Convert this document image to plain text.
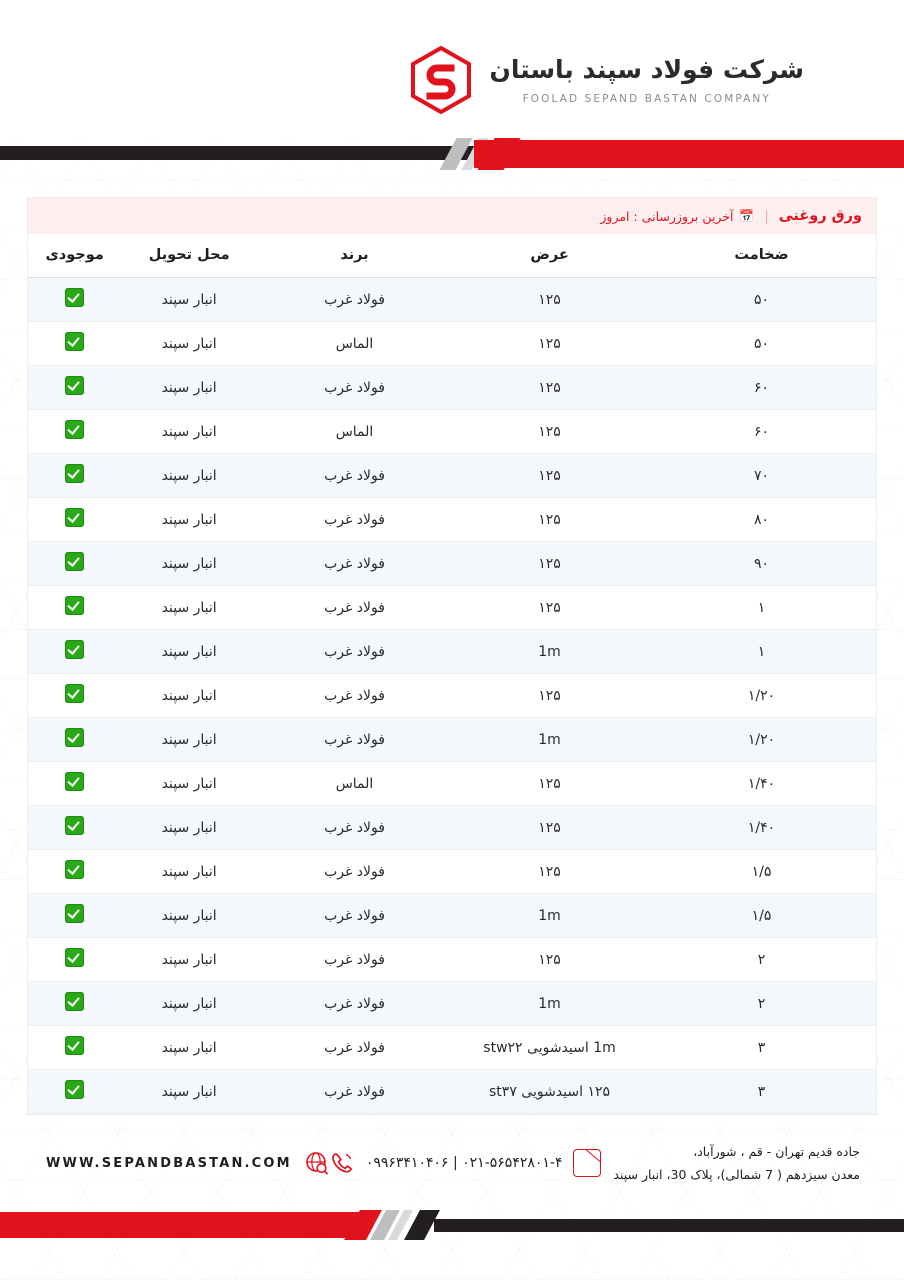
شرکت فولاد سپند باستان
FOOLAD SEPAND BASTAN COMPANY
ورق روغنی
|
📅
آخرین بروزرسانی : امروز
ضخامت	عرض	برند	محل تحویل	موجودی
۵۰	۱۲۵	فولاد غرب	انبار سپند	
۵۰	۱۲۵	الماس	انبار سپند	
۶۰	۱۲۵	فولاد غرب	انبار سپند	
۶۰	۱۲۵	الماس	انبار سپند	
۷۰	۱۲۵	فولاد غرب	انبار سپند	
۸۰	۱۲۵	فولاد غرب	انبار سپند	
۹۰	۱۲۵	فولاد غرب	انبار سپند	
۱	۱۲۵	فولاد غرب	انبار سپند	
۱	1m	فولاد غرب	انبار سپند	
۱/۲۰	۱۲۵	فولاد غرب	انبار سپند	
۱/۲۰	1m	فولاد غرب	انبار سپند	
۱/۴۰	۱۲۵	الماس	انبار سپند	
۱/۴۰	۱۲۵	فولاد غرب	انبار سپند	
۱/۵	۱۲۵	فولاد غرب	انبار سپند	
۱/۵	1m	فولاد غرب	انبار سپند	
۲	۱۲۵	فولاد غرب	انبار سپند	
۲	1m	فولاد غرب	انبار سپند	
۳	1m اسیدشویی stw۲۲	فولاد غرب	انبار سپند	
۳	۱۲۵ اسیدشویی st۳۷	فولاد غرب	انبار سپند	
جاده قدیم تهران - قم ، شورآباد،
معدن سیزدهم ( 7 شمالی)، پلاک 30، انبار سپند
۰۹۹۶۳۴۱۰۴۰۶ | ۰۲۱-۵۶۵۴۲۸۰۱-۴
WWW.SEPANDBASTAN.COM
